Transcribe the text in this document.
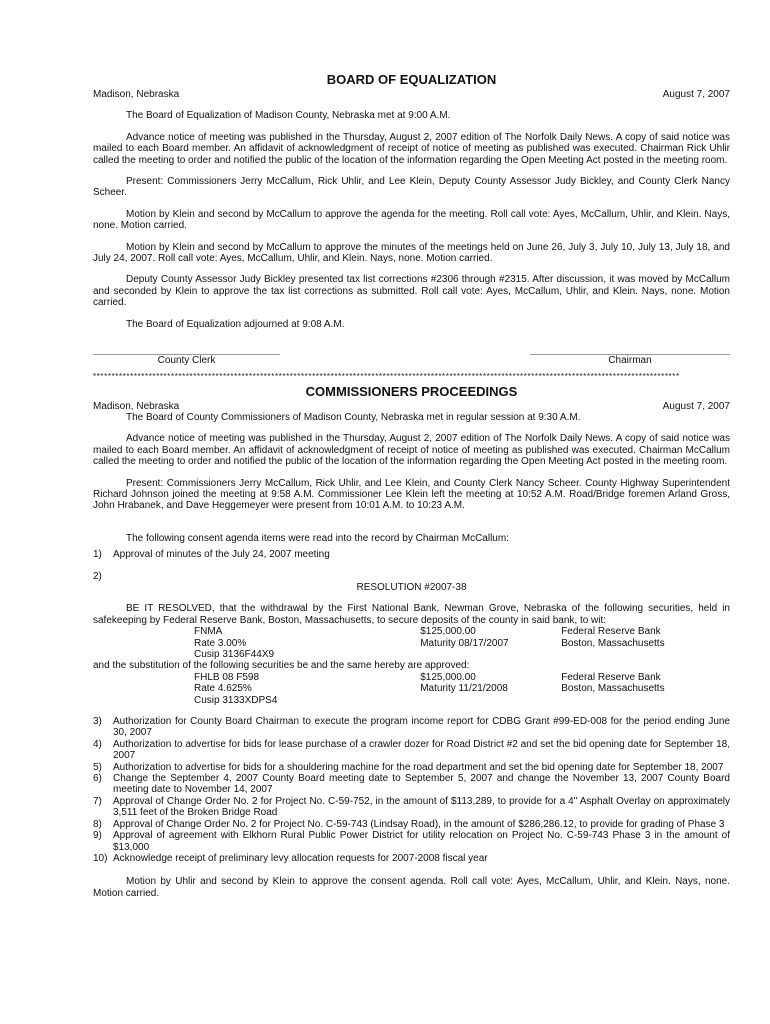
BOARD OF EQUALIZATION
Madison, Nebraska	August 7, 2007

The Board of Equalization of Madison County, Nebraska met at 9:00 A.M.

Advance notice of meeting was published in the Thursday, August 2, 2007 edition of The Norfolk Daily News. A copy of said notice was mailed to each Board member. An affidavit of acknowledgment of receipt of notice of meeting as published was executed. Chairman Rick Uhlir called the meeting to order and notified the public of the location of the information regarding the Open Meeting Act posted in the meeting room.

Present: Commissioners Jerry McCallum, Rick Uhlir, and Lee Klein, Deputy County Assessor Judy Bickley, and County Clerk Nancy Scheer.

Motion by Klein and second by McCallum to approve the agenda for the meeting. Roll call vote: Ayes, McCallum, Uhlir, and Klein. Nays, none. Motion carried.

Motion by Klein and second by McCallum to approve the minutes of the meetings held on June 26, July 3, July 10, July 13, July 18, and July 24, 2007. Roll call vote: Ayes, McCallum, Uhlir, and Klein. Nays, none. Motion carried.

Deputy County Assessor Judy Bickley presented tax list corrections #2306 through #2315. After discussion, it was moved by McCallum and seconded by Klein to approve the tax list corrections as submitted. Roll call vote: Ayes, McCallum, Uhlir, and Klein. Nays, none. Motion carried.

The Board of Equalization adjourned at 9:08 A.M.

County Clerk	Chairman
**************************************************************************************************************************************************************
COMMISSIONERS PROCEEDINGS
Madison, Nebraska	August 7, 2007

The Board of County Commissioners of Madison County, Nebraska met in regular session at 9:30 A.M.

Advance notice of meeting was published in the Thursday, August 2, 2007 edition of The Norfolk Daily News. A copy of said notice was mailed to each Board member. An affidavit of acknowledgment of receipt of notice of meeting as published was executed. Chairman McCallum called the meeting to order and notified the public of the location of the information regarding the Open Meeting Act posted in the meeting room.

Present: Commissioners Jerry McCallum, Rick Uhlir, and Lee Klein, and County Clerk Nancy Scheer. County Highway Superintendent Richard Johnson joined the meeting at 9:58 A.M. Commissioner Lee Klein left the meeting at 10:52 A.M. Road/Bridge foremen Arland Gross, John Hrabanek, and Dave Heggemeyer were present from 10:01 A.M. to 10:23 A.M.

The following consent agenda items were read into the record by Chairman McCallum:

1)	Approval of minutes of the July 24, 2007 meeting
2)
RESOLUTION #2007-38

BE IT RESOLVED, that the withdrawal by the First National Bank, Newman Grove, Nebraska of the following securities, held in safekeeping by Federal Reserve Bank, Boston, Massachusetts, to secure deposits of the county in said bank, to wit:

FNMA	$125,000.00	Federal Reserve Bank
Rate 3.00%	Maturity 08/17/2007	Boston, Massachusetts
Cusip 3136F44X9

and the substitution of the following securities be and the same hereby are approved:

FHLB 08 F598	$125,000.00	Federal Reserve Bank
Rate 4.625%	Maturity 11/21/2008	Boston, Massachusetts
Cusip 3133XDPS4
3)	Authorization for County Board Chairman to execute the program income report for CDBG Grant #99-ED-008 for the period ending June 30, 2007
4)	Authorization to advertise for bids for lease purchase of a crawler dozer for Road District #2 and set the bid opening date for September 18, 2007
5)	Authorization to advertise for bids for a shouldering machine for the road department and set the bid opening date for September 18, 2007
6)	Change the September 4, 2007 County Board meeting date to September 5, 2007 and change the November 13, 2007 County Board meeting date to November 14, 2007
7)	Approval of Change Order No. 2 for Project No. C-59-752, in the amount of $113,289, to provide for a 4" Asphalt Overlay on approximately 3,511 feet of the Broken Bridge Road
8)	Approval of Change Order No. 2 for Project No. C-59-743 (Lindsay Road), in the amount of $286,286.12, to provide for grading of Phase 3
9)	Approval of agreement with Elkhorn Rural Public Power District for utility relocation on Project No. C-59-743 Phase 3 in the amount of $13,000
10) Acknowledge receipt of preliminary levy allocation requests for 2007-2008 fiscal year

Motion by Uhlir and second by Klein to approve the consent agenda. Roll call vote: Ayes, McCallum, Uhlir, and Klein. Nays, none. Motion carried.
